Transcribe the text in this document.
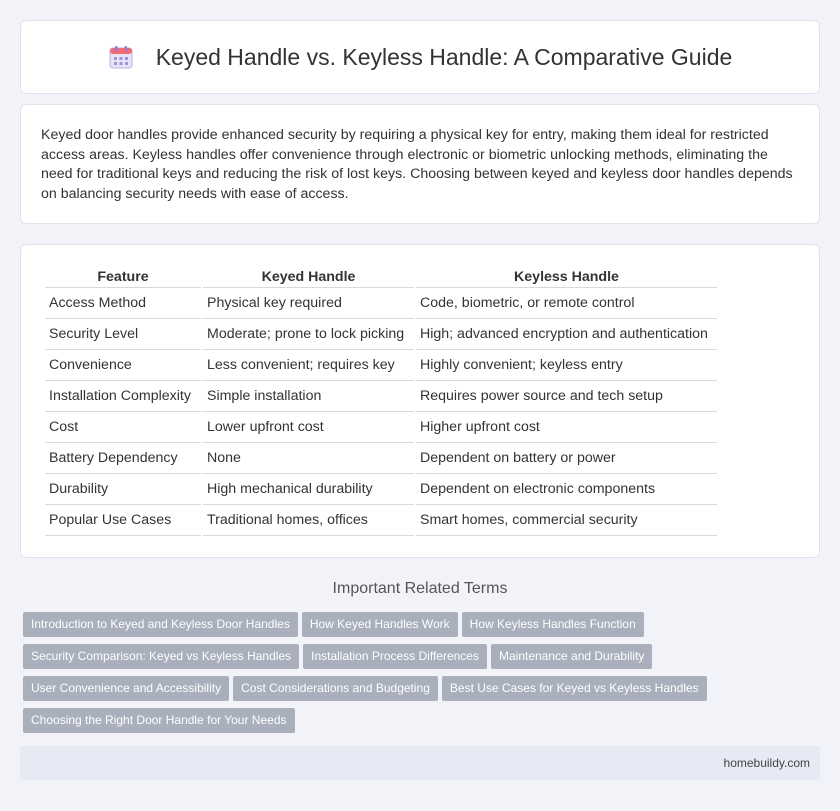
Keyed Handle vs. Keyless Handle: A Comparative Guide

Keyed door handles provide enhanced security by requiring a physical key for entry, making them ideal for restricted access areas. Keyless handles offer convenience through electronic or biometric unlocking methods, eliminating the need for traditional keys and reducing the risk of lost keys. Choosing between keyed and keyless door handles depends on balancing security needs with ease of access.

Feature	Keyed Handle	Keyless Handle
Access Method	Physical key required	Code, biometric, or remote control
Security Level	Moderate; prone to lock picking	High; advanced encryption and authentication
Convenience	Less convenient; requires key	Highly convenient; keyless entry
Installation Complexity	Simple installation	Requires power source and tech setup
Cost	Lower upfront cost	Higher upfront cost
Battery Dependency	None	Dependent on battery or power
Durability	High mechanical durability	Dependent on electronic components
Popular Use Cases	Traditional homes, offices	Smart homes, commercial security
Important Related Terms
Introduction to Keyed and Keyless Door Handles How Keyed Handles Work How Keyless Handles Function
Security Comparison: Keyed vs Keyless Handles Installation Process Differences Maintenance and Durability
User Convenience and Accessibility Cost Considerations and Budgeting Best Use Cases for Keyed vs Keyless Handles
Choosing the Right Door Handle for Your Needs
homebuildy.com
